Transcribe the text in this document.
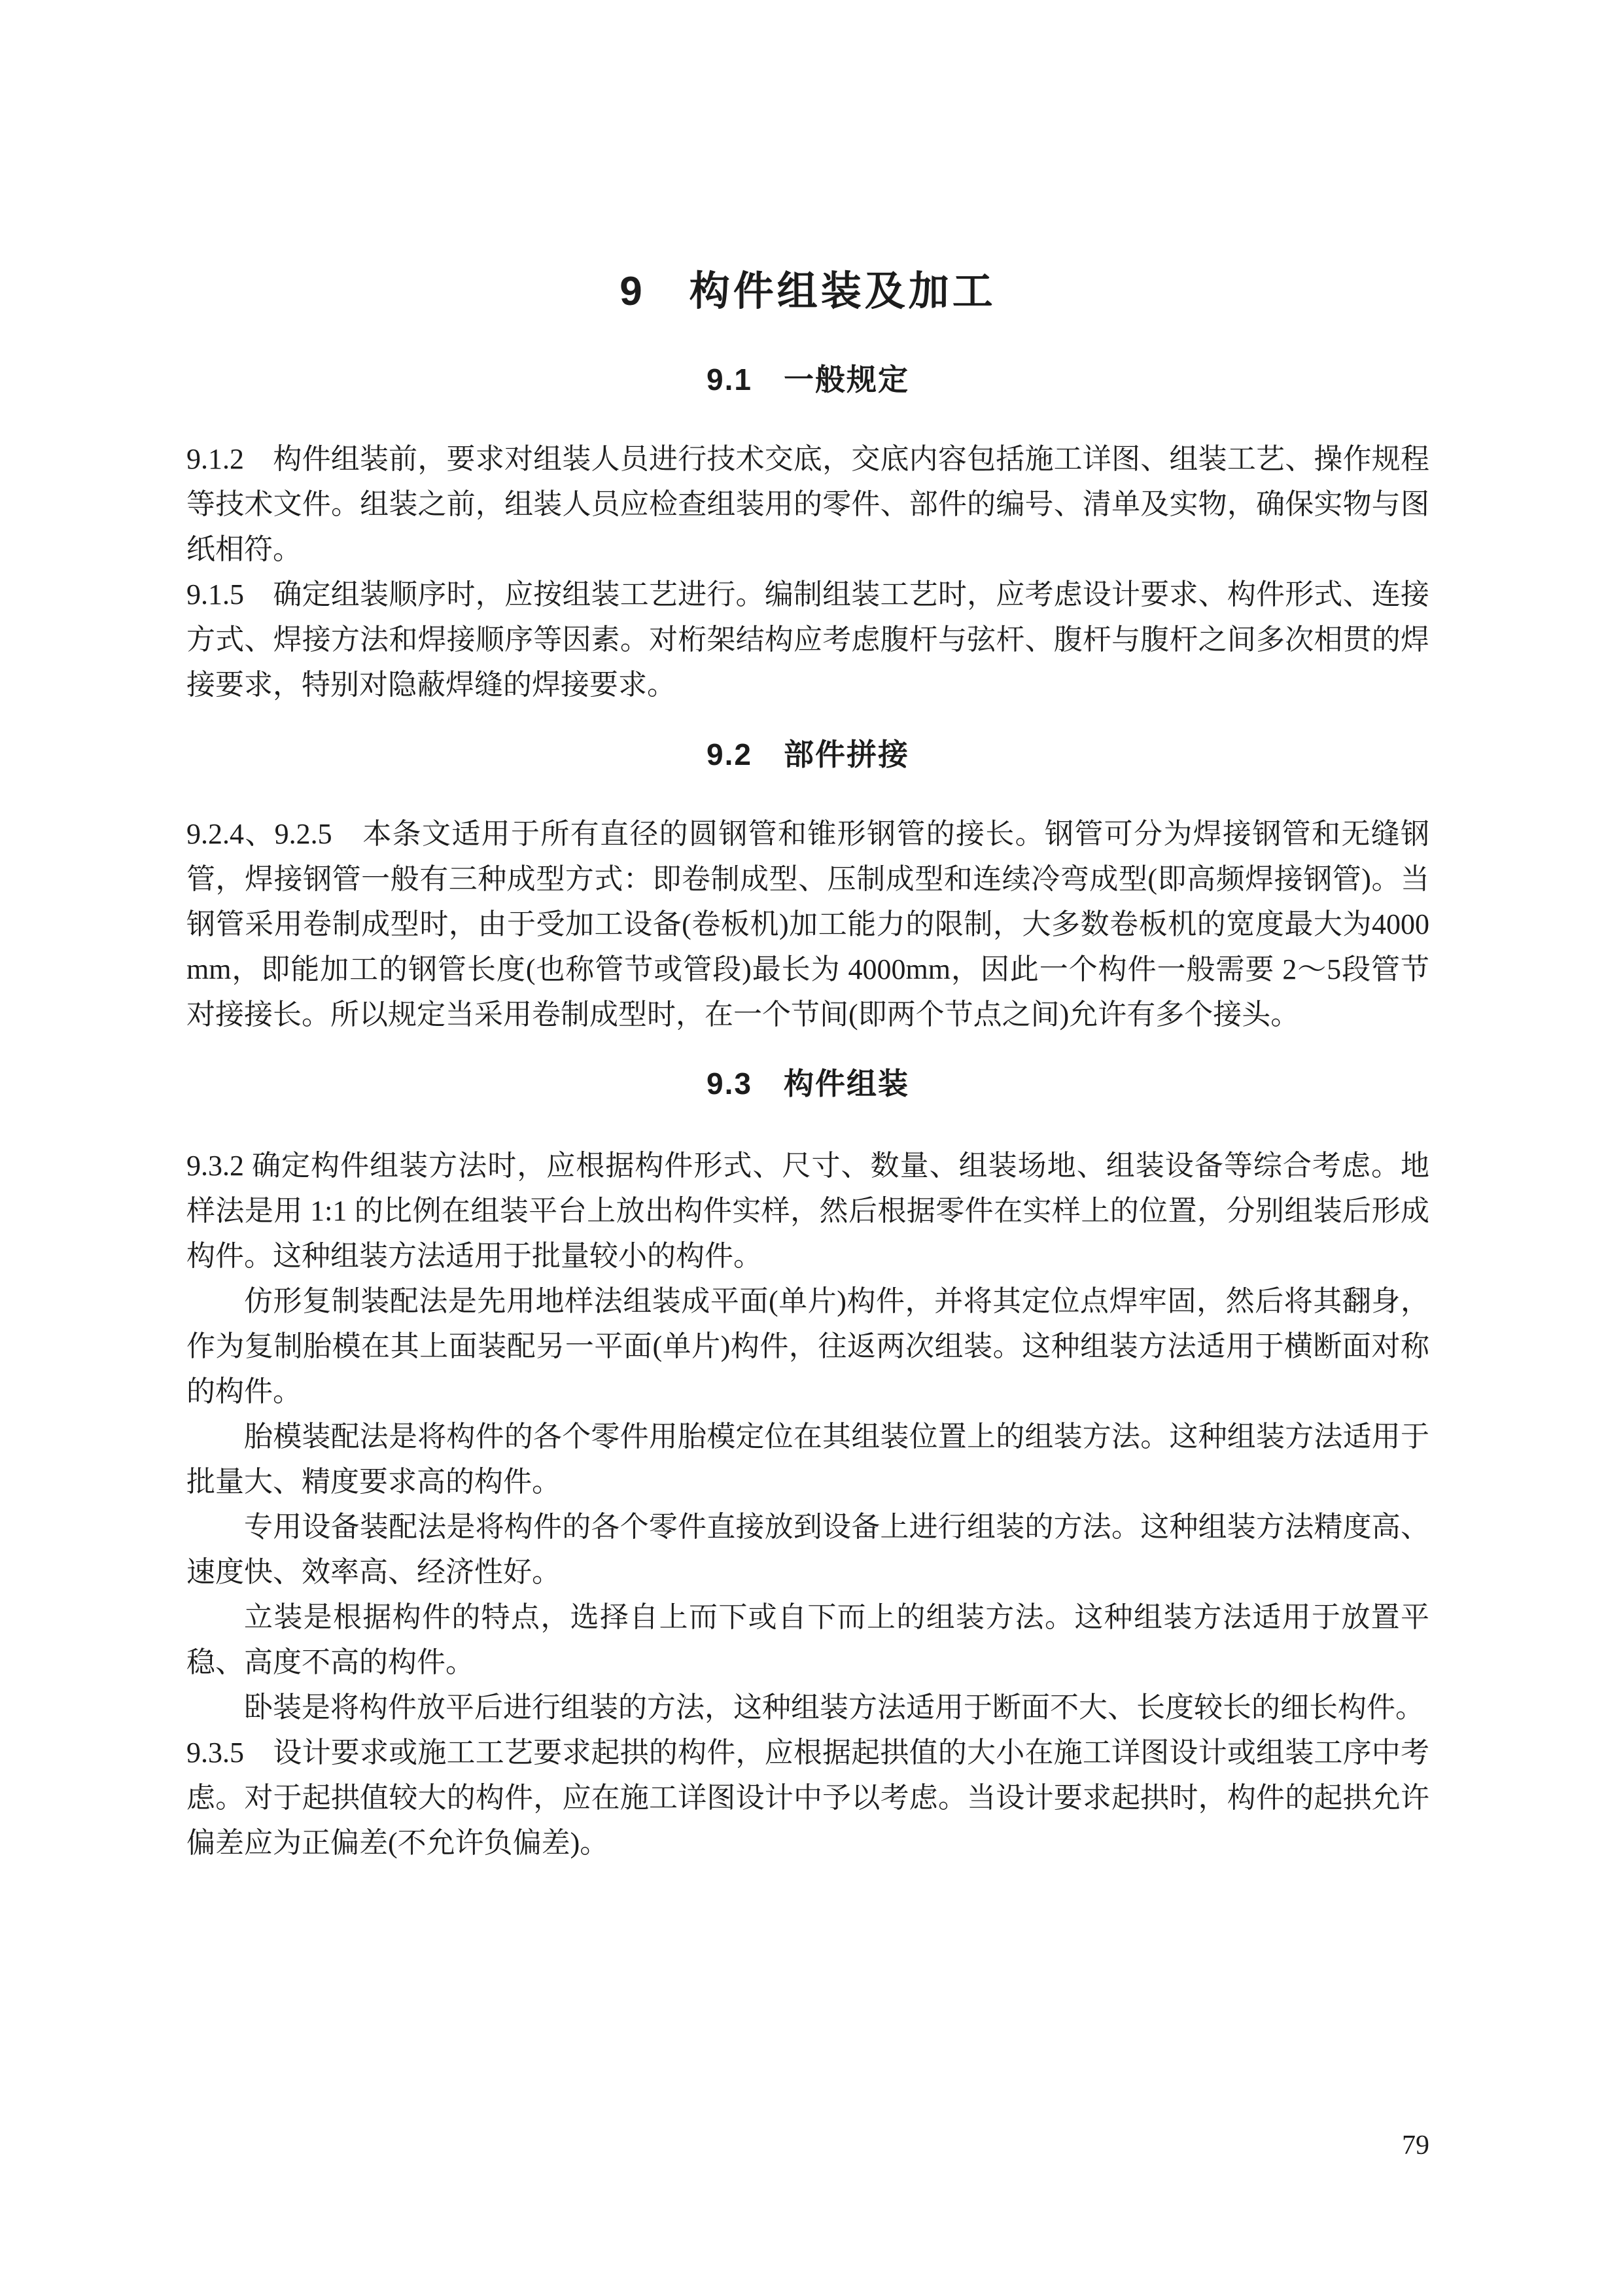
9　构件组装及加工
9.1　一般规定

9.1.2　构件组装前，要求对组装人员进行技术交底，交底内容包括施工详图、组装工艺、操作规程等技术文件。组装之前，组装人员应检查组装用的零件、部件的编号、清单及实物，确保实物与图纸相符。

9.1.5　确定组装顺序时，应按组装工艺进行。编制组装工艺时，应考虑设计要求、构件形式、连接方式、焊接方法和焊接顺序等因素。对桁架结构应考虑腹杆与弦杆、腹杆与腹杆之间多次相贯的焊接要求，特别对隐蔽焊缝的焊接要求。

9.2　部件拼接

9.2.4、9.2.5　本条文适用于所有直径的圆钢管和锥形钢管的接长。钢管可分为焊接钢管和无缝钢管，焊接钢管一般有三种成型方式：即卷制成型、压制成型和连续冷弯成型(即高频焊接钢管)。当钢管采用卷制成型时，由于受加工设备(卷板机)加工能力的限制，大多数卷板机的宽度最大为4000mm，即能加工的钢管长度(也称管节或管段)最长为 4000mm，因此一个构件一般需要 2～5段管节对接接长。所以规定当采用卷制成型时，在一个节间(即两个节点之间)允许有多个接头。

9.3　构件组装

9.3.2 确定构件组装方法时，应根据构件形式、尺寸、数量、组装场地、组装设备等综合考虑。地样法是用 1:1 的比例在组装平台上放出构件实样，然后根据零件在实样上的位置，分别组装后形成构件。这种组装方法适用于批量较小的构件。

仿形复制装配法是先用地样法组装成平面(单片)构件，并将其定位点焊牢固，然后将其翻身，作为复制胎模在其上面装配另一平面(单片)构件，往返两次组装。这种组装方法适用于横断面对称的构件。

胎模装配法是将构件的各个零件用胎模定位在其组装位置上的组装方法。这种组装方法适用于批量大、精度要求高的构件。

专用设备装配法是将构件的各个零件直接放到设备上进行组装的方法。这种组装方法精度高、速度快、效率高、经济性好。

立装是根据构件的特点，选择自上而下或自下而上的组装方法。这种组装方法适用于放置平稳、高度不高的构件。

卧装是将构件放平后进行组装的方法，这种组装方法适用于断面不大、长度较长的细长构件。

9.3.5　设计要求或施工工艺要求起拱的构件，应根据起拱值的大小在施工详图设计或组装工序中考虑。对于起拱值较大的构件，应在施工详图设计中予以考虑。当设计要求起拱时，构件的起拱允许偏差应为正偏差(不允许负偏差)。

79
